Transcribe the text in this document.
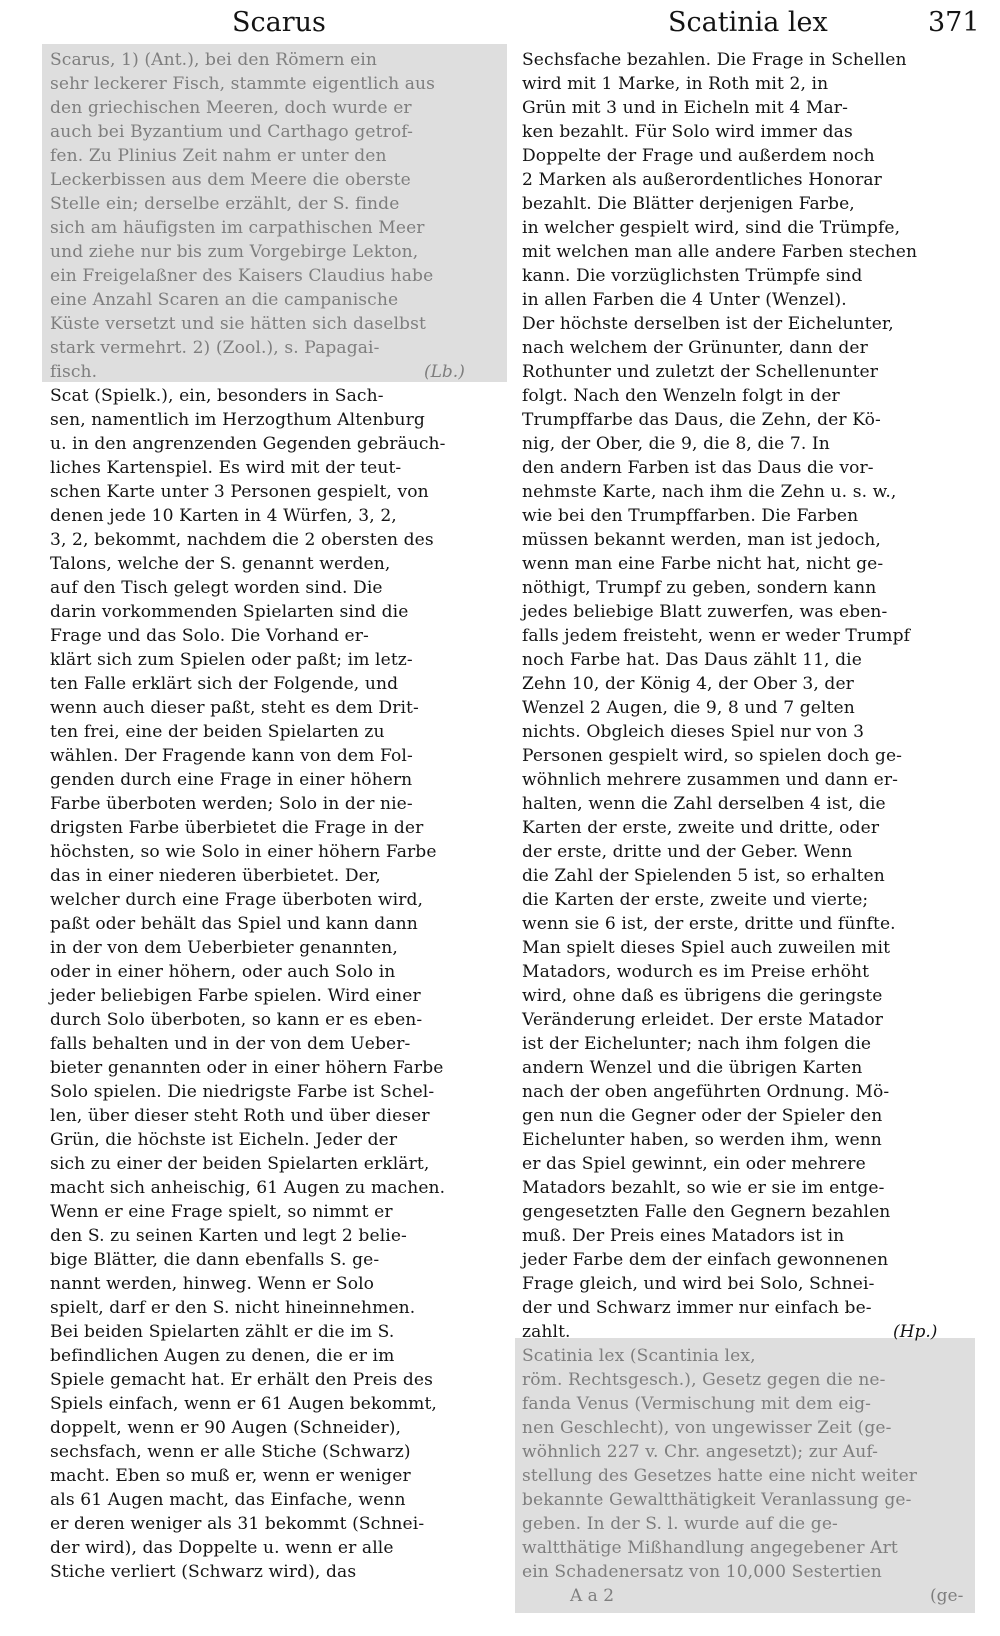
Scarus	Scatinia lex	371
Scarus, 1) (Ant.), bei den Römern ein
sehr leckerer Fisch, stammte eigentlich aus
den griechischen Meeren, doch wurde er
auch bei Byzantium und Carthago getrof-
fen. Zu Plinius Zeit nahm er unter den
Leckerbissen aus dem Meere die oberste
Stelle ein; derselbe erzählt, der S. finde
sich am häufigsten im carpathischen Meer
und ziehe nur bis zum Vorgebirge Lekton,
ein Freigelaßner des Kaisers Claudius habe
eine Anzahl Scaren an die campanische
Küste versetzt und sie hätten sich daselbst
stark vermehrt. 2) (Zool.), s. Papagai-
fisch.	(Lb.)
Scat (Spielk.), ein, besonders in Sach-
sen, namentlich im Herzogthum Altenburg
u. in den angrenzenden Gegenden gebräuch-
liches Kartenspiel. Es wird mit der teut-
schen Karte unter 3 Personen gespielt, von
denen jede 10 Karten in 4 Würfen, 3, 2,
3, 2, bekommt, nachdem die 2 obersten des
Talons, welche der S. genannt werden,
auf den Tisch gelegt worden sind. Die
darin vorkommenden Spielarten sind die
Frage und das Solo. Die Vorhand er-
klärt sich zum Spielen oder paßt; im letz-
ten Falle erklärt sich der Folgende, und
wenn auch dieser paßt, steht es dem Drit-
ten frei, eine der beiden Spielarten zu
wählen. Der Fragende kann von dem Fol-
genden durch eine Frage in einer höhern
Farbe überboten werden; Solo in der nie-
drigsten Farbe überbietet die Frage in der
höchsten, so wie Solo in einer höhern Farbe
das in einer niederen überbietet. Der,
welcher durch eine Frage überboten wird,
paßt oder behält das Spiel und kann dann
in der von dem Ueberbieter genannten,
oder in einer höhern, oder auch Solo in
jeder beliebigen Farbe spielen. Wird einer
durch Solo überboten, so kann er es eben-
falls behalten und in der von dem Ueber-
bieter genannten oder in einer höhern Farbe
Solo spielen. Die niedrigste Farbe ist Schel-
len, über dieser steht Roth und über dieser
Grün, die höchste ist Eicheln. Jeder der
sich zu einer der beiden Spielarten erklärt,
macht sich anheischig, 61 Augen zu machen.
Wenn er eine Frage spielt, so nimmt er
den S. zu seinen Karten und legt 2 belie-
bige Blätter, die dann ebenfalls S. ge-
nannt werden, hinweg. Wenn er Solo
spielt, darf er den S. nicht hineinnehmen.
Bei beiden Spielarten zählt er die im S.
befindlichen Augen zu denen, die er im
Spiele gemacht hat. Er erhält den Preis des
Spiels einfach, wenn er 61 Augen bekommt,
doppelt, wenn er 90 Augen (Schneider),
sechsfach, wenn er alle Stiche (Schwarz)
macht. Eben so muß er, wenn er weniger
als 61 Augen macht, das Einfache, wenn
er deren weniger als 31 bekommt (Schnei-
der wird), das Doppelte u. wenn er alle
Stiche verliert (Schwarz wird), das
Sechsfache bezahlen. Die Frage in Schellen
wird mit 1 Marke, in Roth mit 2, in
Grün mit 3 und in Eicheln mit 4 Mar-
ken bezahlt. Für Solo wird immer das
Doppelte der Frage und außerdem noch
2 Marken als außerordentliches Honorar
bezahlt. Die Blätter derjenigen Farbe,
in welcher gespielt wird, sind die Trümpfe,
mit welchen man alle andere Farben stechen
kann. Die vorzüglichsten Trümpfe sind
in allen Farben die 4 Unter (Wenzel).
Der höchste derselben ist der Eichelunter,
nach welchem der Grünunter, dann der
Rothunter und zuletzt der Schellenunter
folgt. Nach den Wenzeln folgt in der
Trumpffarbe das Daus, die Zehn, der Kö-
nig, der Ober, die 9, die 8, die 7. In
den andern Farben ist das Daus die vor-
nehmste Karte, nach ihm die Zehn u. s. w.,
wie bei den Trumpffarben. Die Farben
müssen bekannt werden, man ist jedoch,
wenn man eine Farbe nicht hat, nicht ge-
nöthigt, Trumpf zu geben, sondern kann
jedes beliebige Blatt zuwerfen, was eben-
falls jedem freisteht, wenn er weder Trumpf
noch Farbe hat. Das Daus zählt 11, die
Zehn 10, der König 4, der Ober 3, der
Wenzel 2 Augen, die 9, 8 und 7 gelten
nichts. Obgleich dieses Spiel nur von 3
Personen gespielt wird, so spielen doch ge-
wöhnlich mehrere zusammen und dann er-
halten, wenn die Zahl derselben 4 ist, die
Karten der erste, zweite und dritte, oder
der erste, dritte und der Geber. Wenn
die Zahl der Spielenden 5 ist, so erhalten
die Karten der erste, zweite und vierte;
wenn sie 6 ist, der erste, dritte und fünfte.
Man spielt dieses Spiel auch zuweilen mit
Matadors, wodurch es im Preise erhöht
wird, ohne daß es übrigens die geringste
Veränderung erleidet. Der erste Matador
ist der Eichelunter; nach ihm folgen die
andern Wenzel und die übrigen Karten
nach der oben angeführten Ordnung. Mö-
gen nun die Gegner oder der Spieler den
Eichelunter haben, so werden ihm, wenn
er das Spiel gewinnt, ein oder mehrere
Matadors bezahlt, so wie er sie im entge-
gengesetzten Falle den Gegnern bezahlen
muß. Der Preis eines Matadors ist in
jeder Farbe dem der einfach gewonnenen
Frage gleich, und wird bei Solo, Schnei-
der und Schwarz immer nur einfach be-
zahlt.	(Hp.)
Scatinia lex (Scantinia lex,
röm. Rechtsgesch.), Gesetz gegen die ne-
fanda Venus (Vermischung mit dem eig-
nen Geschlecht), von ungewisser Zeit (ge-
wöhnlich 227 v. Chr. angesetzt); zur Auf-
stellung des Gesetzes hatte eine nicht weiter
bekannte Gewaltthätigkeit Veranlassung ge-
geben. In der S. l. wurde auf die ge-
waltthätige Mißhandlung angegebener Art
ein Schadenersatz von 10,000 Sestertien
A a 2	(ge-
